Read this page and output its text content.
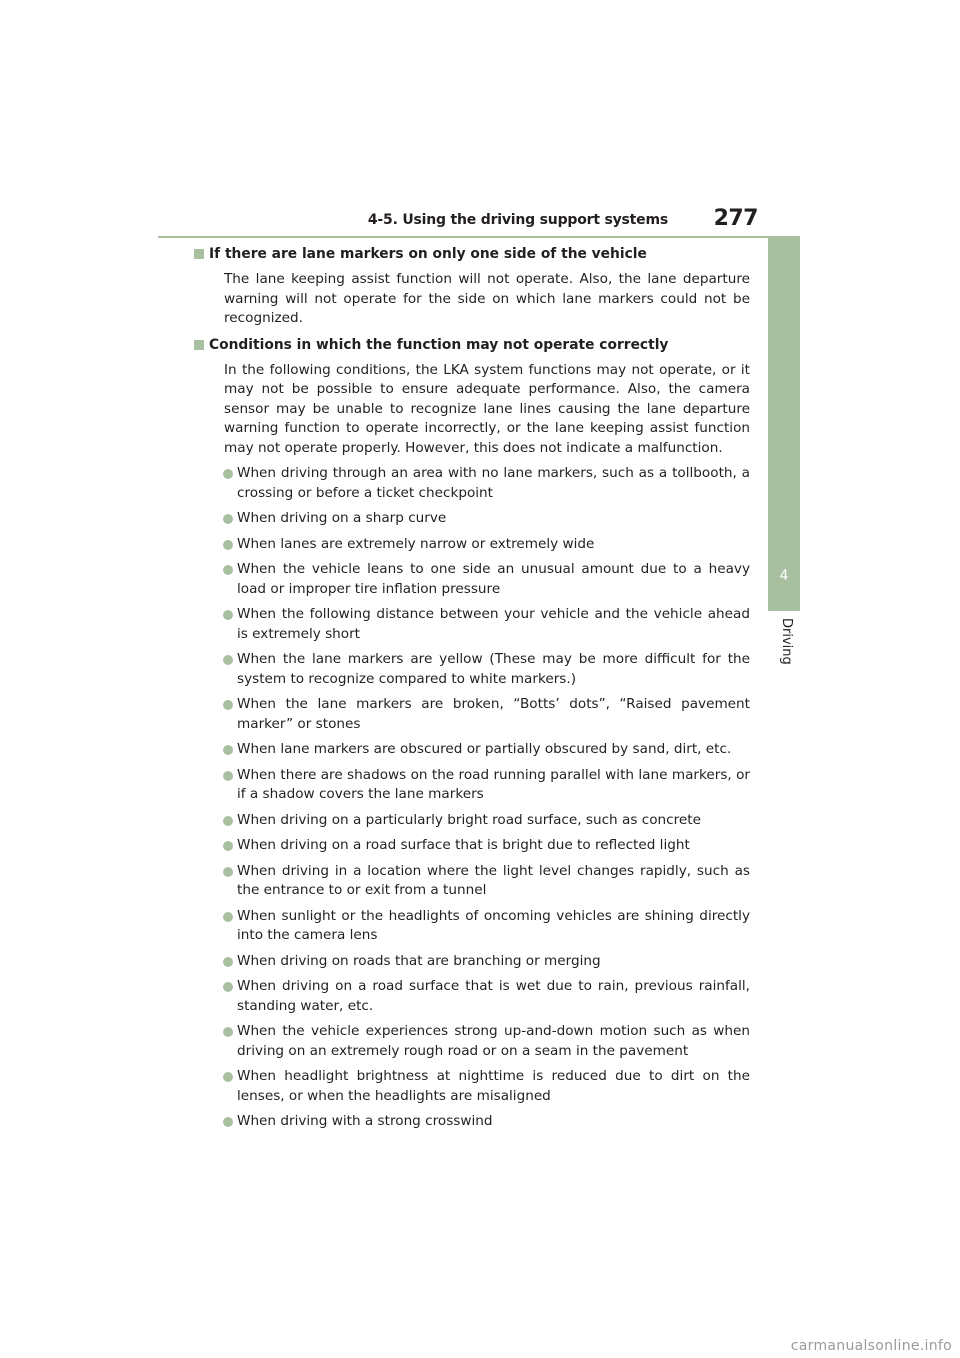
4-5. Using the driving support systems 277
4
Driving
If there are lane markers on only one side of the vehicle

The lane keeping assist function will not operate. Also, the lane departure warning will not operate for the side on which lane markers could not be recognized.

Conditions in which the function may not operate correctly

In the following conditions, the LKA system functions may not operate, or it may not be possible to ensure adequate performance. Also, the camera sensor may be unable to recognize lane lines causing the lane departure warning function to operate incorrectly, or the lane keeping assist function may not operate properly. However, this does not indicate a malfunction.

When driving through an area with no lane markers, such as a tollbooth, a crossing or before a ticket checkpoint
When driving on a sharp curve
When lanes are extremely narrow or extremely wide
When the vehicle leans to one side an unusual amount due to a heavy load or improper tire inflation pressure
When the following distance between your vehicle and the vehicle ahead is extremely short
When the lane markers are yellow (These may be more difficult for the system to recognize compared to white markers.)
When the lane markers are broken, “Botts’ dots”, “Raised pavement marker” or stones
When lane markers are obscured or partially obscured by sand, dirt, etc.
When there are shadows on the road running parallel with lane markers, or if a shadow covers the lane markers
When driving on a particularly bright road surface, such as concrete
When driving on a road surface that is bright due to reflected light
When driving in a location where the light level changes rapidly, such as the entrance to or exit from a tunnel
When sunlight or the headlights of oncoming vehicles are shining directly into the camera lens
When driving on roads that are branching or merging
When driving on a road surface that is wet due to rain, previous rainfall, standing water, etc.
When the vehicle experiences strong up-and-down motion such as when driving on an extremely rough road or on a seam in the pavement
When headlight brightness at nighttime is reduced due to dirt on the lenses, or when the headlights are misaligned
When driving with a strong crosswind
carmanualsonline.info
